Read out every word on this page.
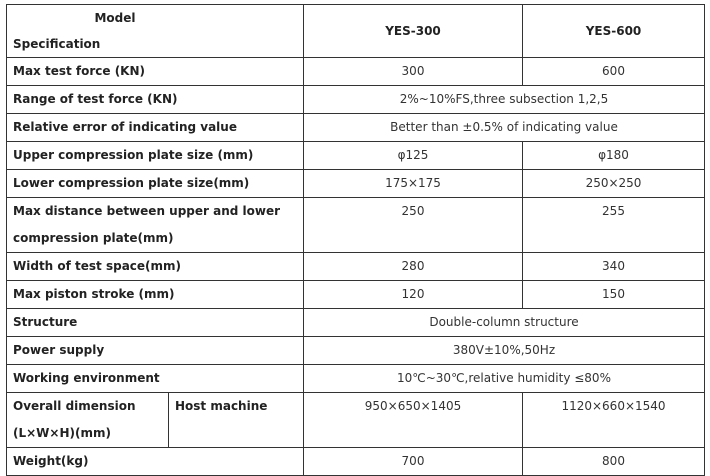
Model
Specification		YES-300	YES-600
Max test force (KN)		300	600
Range of test force (KN)		2%~10%FS,three subsection 1,2,5	
Relative error of indicating value		Better than ±0.5% of indicating value	
Upper compression plate size (mm)		φ125	φ180
Lower compression plate size(mm)		175×175	250×250

Max distance between upper and lower
compression plate(mm)		250	255
Width of test space(mm)		280	340
Max piston stroke (mm)		120	150
Structure		Double-column structure	
Power supply		380V±10%,50Hz	
Working environment		10℃~30℃,relative humidity ≤80%	

Overall dimension
(L×W×H)(mm)	Host machine	950×650×1405	1120×660×1540
Weight(kg)		700	800
